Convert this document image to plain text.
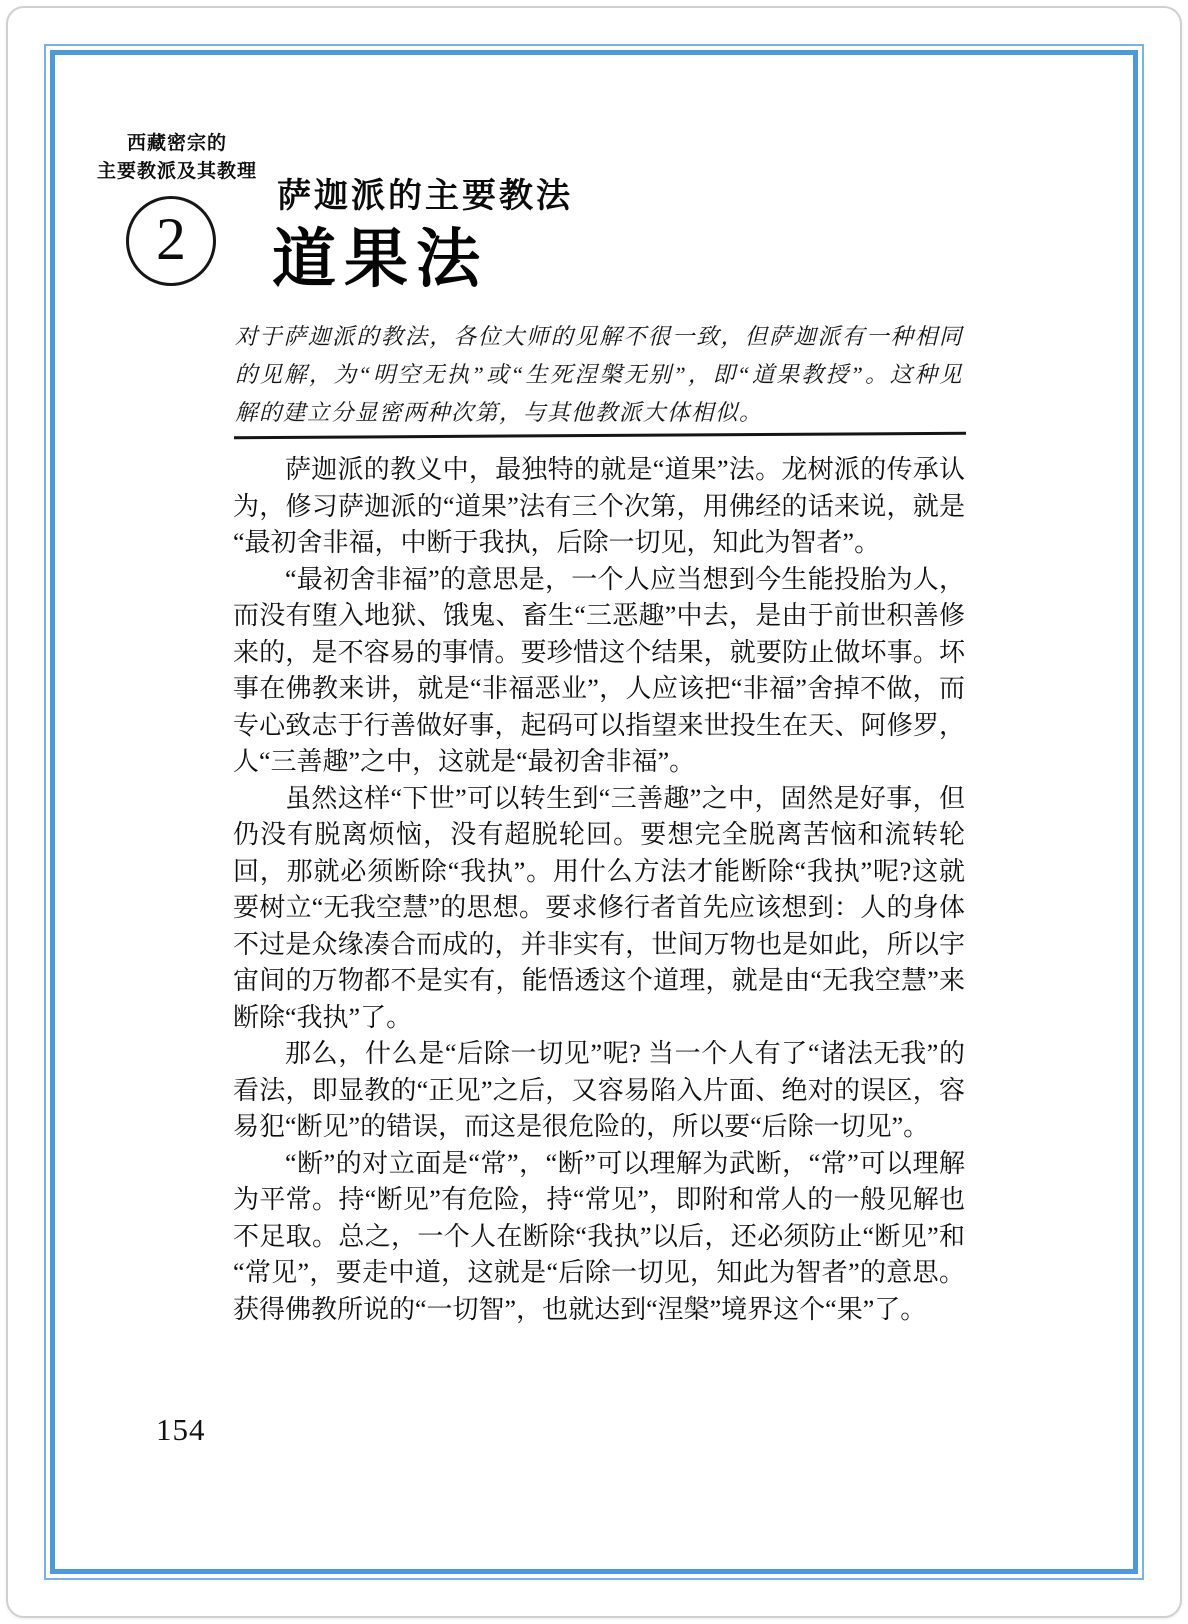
西藏密宗的
主要教派及其教理
2
萨迦派的主要教法
道果法
对于萨迦派的教法，各位大师的见解不很一致，但萨迦派有一种相同的见解，为“明空无执”或“生死涅槃无别”，即“道果教授”。这种见解的建立分显密两种次第，与其他教派大体相似。

萨迦派的教义中，最独特的就是“道果”法。龙树派的传承认为，修习萨迦派的“道果”法有三个次第，用佛经的话来说，就是“最初舍非福，中断于我执，后除一切见，知此为智者”。

“最初舍非福”的意思是，一个人应当想到今生能投胎为人，而没有堕入地狱、饿鬼、畜生“三恶趣”中去，是由于前世积善修来的，是不容易的事情。要珍惜这个结果，就要防止做坏事。坏事在佛教来讲，就是“非福恶业”，人应该把“非福”舍掉不做，而专心致志于行善做好事，起码可以指望来世投生在天、阿修罗，人“三善趣”之中，这就是“最初舍非福”。

虽然这样“下世”可以转生到“三善趣”之中，固然是好事，但仍没有脱离烦恼，没有超脱轮回。要想完全脱离苦恼和流转轮回，那就必须断除“我执”。用什么方法才能断除“我执”呢?这就要树立“无我空慧”的思想。要求修行者首先应该想到：人的身体不过是众缘凑合而成的，并非实有，世间万物也是如此，所以宇宙间的万物都不是实有，能悟透这个道理，就是由“无我空慧”来断除“我执”了。

那么，什么是“后除一切见”呢? 当一个人有了“诸法无我”的看法，即显教的“正见”之后，又容易陷入片面、绝对的误区，容易犯“断见”的错误，而这是很危险的，所以要“后除一切见”。

“断”的对立面是“常”，“断”可以理解为武断，“常”可以理解为平常。持“断见”有危险，持“常见”，即附和常人的一般见解也不足取。总之，一个人在断除“我执”以后，还必须防止“断见”和“常见”，要走中道，这就是“后除一切见，知此为智者”的意思。获得佛教所说的“一切智”，也就达到“涅槃”境界这个“果”了。

154
